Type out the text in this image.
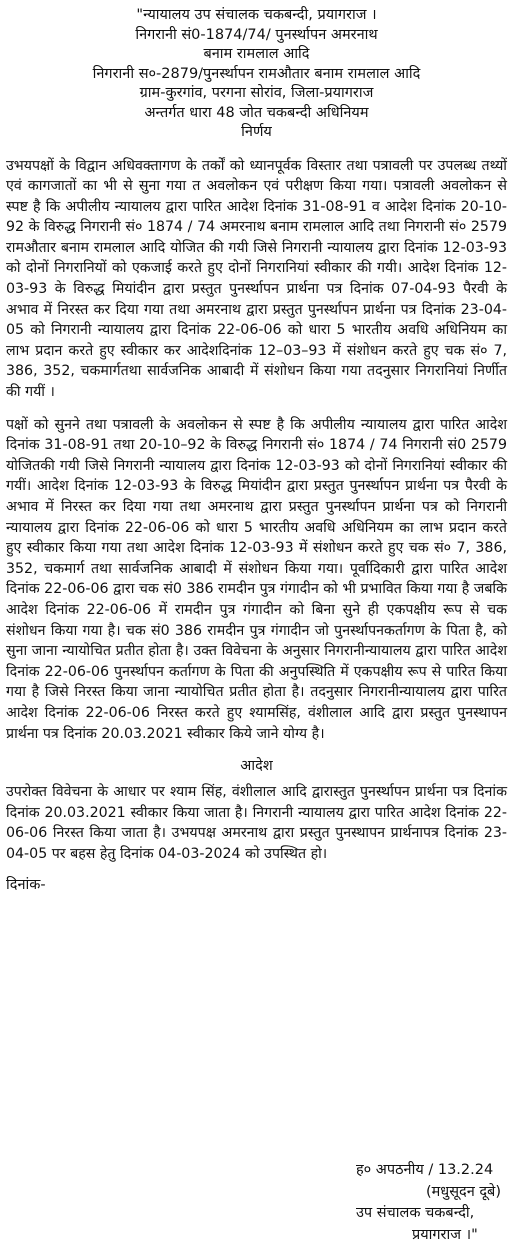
"न्यायालय उप संचालक चकबन्दी, प्रयागराज ।
निगरानी सं0-1874/74/ पुनर्स्थापन अमरनाथ
बनाम रामलाल आदि
निगरानी स०-2879/पुनर्स्थापन रामऔतार बनाम रामलाल आदि
ग्राम-कुरगांव, परगना सोरांव, जिला-प्रयागराज
अन्तर्गत धारा 48 जोत चकबन्दी अधिनियम
निर्णय

उभयपक्षों के विद्वान अधिवक्तागण के तर्कों को ध्यानपूर्वक विस्तार तथा पत्रावली पर उपलब्ध तथ्यों एवं कागजातों का भी से सुना गया त अवलोकन एवं परीक्षण किया गया। पत्रावली अवलोकन से स्पष्ट है कि अपीलीय न्यायालय द्वारा पारित आदेश दिनांक 31-08-91 व आदेश दिनांक 20-10-92 के विरुद्ध निगरानी सं० 1874 / 74 अमरनाथ बनाम रामलाल आदि तथा निगरानी सं० 2579 रामऔतार बनाम रामलाल आदि योजित की गयी जिसे निगरानी न्यायालय द्वारा दिनांक 12-03-93 को दोनों निगरानियों को एकजाई करते हुए दोनों निगरानियां स्वीकार की गयी। आदेश दिनांक 12-03-93 के विरुद्ध मियांदीन द्वारा प्रस्तुत पुनर्स्थापन प्रार्थना पत्र दिनांक 07-04-93 पैरवी के अभाव में निरस्त कर दिया गया तथा अमरनाथ द्वारा प्रस्तुत पुनर्स्थापन प्रार्थना पत्र दिनांक 23-04-05 को निगरानी न्यायालय द्वारा दिनांक 22-06-06 को धारा 5 भारतीय अवधि अधिनियम का लाभ प्रदान करते हुए स्वीकार कर आदेशदिनांक 12–03–93 में संशोधन करते हुए चक सं० 7, 386, 352, चकमार्गतथा सार्वजनिक आबादी में संशोधन किया गया तदनुसार निगरानियां निर्णीत की गयीं ।

पक्षों को सुनने तथा पत्रावली के अवलोकन से स्पष्ट है कि अपीलीय न्यायालय द्वारा पारित आदेश दिनांक 31-08-91 तथा 20-10–92 के विरुद्ध निगरानी सं० 1874 / 74 निगरानी सं0 2579 योजितकी गयी जिसे निगरानी न्यायालय द्वारा दिनांक 12-03-93 को दोनों निगरानियां स्वीकार की गयीं। आदेश दिनांक 12-03-93 के विरुद्ध मियांदीन द्वारा प्रस्तुत पुनर्स्थापन प्रार्थना पत्र पैरवी के अभाव में निरस्त कर दिया गया तथा अमरनाथ द्वारा प्रस्तुत पुनर्स्थापन प्रार्थना पत्र को निगरानी न्यायालय द्वारा दिनांक 22-06-06 को धारा 5 भारतीय अवधि अधिनियम का लाभ प्रदान करते हुए स्वीकार किया गया तथा आदेश दिनांक 12-03-93 में संशोधन करते हुए चक सं० 7, 386, 352, चकमार्ग तथा सार्वजनिक आबादी में संशोधन किया गया। पूर्वादिकारी द्वारा पारित आदेश दिनांक 22-06-06 द्वारा चक सं0 386 रामदीन पुत्र गंगादीन को भी प्रभावित किया गया है जबकि आदेश दिनांक 22-06-06 में रामदीन पुत्र गंगादीन को बिना सुने ही एकपक्षीय रूप से चक संशोधन किया गया है। चक सं0 386 रामदीन पुत्र गंगादीन जो पुनर्स्थापनकर्तागण के पिता है, को सुना जाना न्यायोचित प्रतीत होता है। उक्त विवेचना के अनुसार निगरानीन्यायालय द्वारा पारित आदेश दिनांक 22-06-06 पुनर्स्थापन कर्तागण के पिता की अनुपस्थिति में एकपक्षीय रूप से पारित किया गया है जिसे निरस्त किया जाना न्यायोचित प्रतीत होता है। तदनुसार निगरानीन्यायालय द्वारा पारित आदेश दिनांक 22-06-06 निरस्त करते हुए श्यामसिंह, वंशीलाल आदि द्वारा प्रस्तुत पुनस्थापन प्रार्थना पत्र दिनांक 20.03.2021 स्वीकार किये जाने योग्य है।

आदेश

उपरोक्त विवेचना के आधार पर श्याम सिंह, वंशीलाल आदि द्वारास्तुत पुनर्स्थापन प्रार्थना पत्र दिनांक दिनांक 20.03.2021 स्वीकार किया जाता है। निगरानी न्यायालय द्वारा पारित आदेश दिनांक 22-06-06 निरस्त किया जाता है। उभयपक्ष अमरनाथ द्वारा प्रस्तुत पुनस्थापन प्रार्थनापत्र दिनांक 23-04-05 पर बहस हेतु दिनांक 04-03-2024 को उपस्थित हो।

दिनांक-
ह० अपठनीय / 13.2.24
(मधुसूदन दूबे)
उप संचालक चकबन्दी,
प्रयागराज ।"
